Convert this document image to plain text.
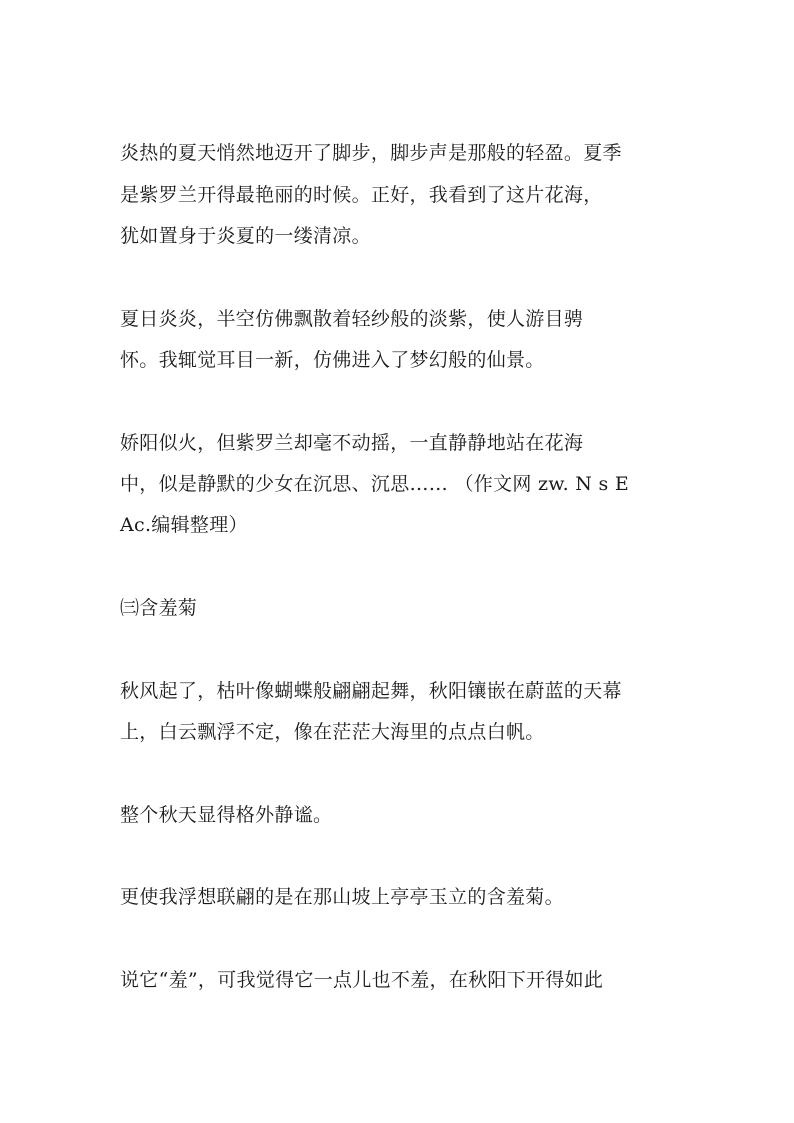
炎热的夏天悄然地迈开了脚步，脚步声是那般的轻盈。夏季
是紫罗兰开得最艳丽的时候。正好，我看到了这片花海，
犹如置身于炎夏的一缕清凉。
夏日炎炎，半空仿佛飘散着轻纱般的淡紫，使人游目骋
怀。我辄觉耳目一新，仿佛进入了梦幻般的仙景。
娇阳似火，但紫罗兰却毫不动摇，一直静静地站在花海
中，似是静默的少女在沉思、沉思…… （作文网 zw. N s E
Ac.编辑整理）
㈢含羞菊
秋风起了，枯叶像蝴蝶般翩翩起舞，秋阳镶嵌在蔚蓝的天幕
上，白云飘浮不定，像在茫茫大海里的点点白帆。
整个秋天显得格外静谧。
更使我浮想联翩的是在那山坡上亭亭玉立的含羞菊。
说它“羞”，可我觉得它一点儿也不羞，在秋阳下开得如此
